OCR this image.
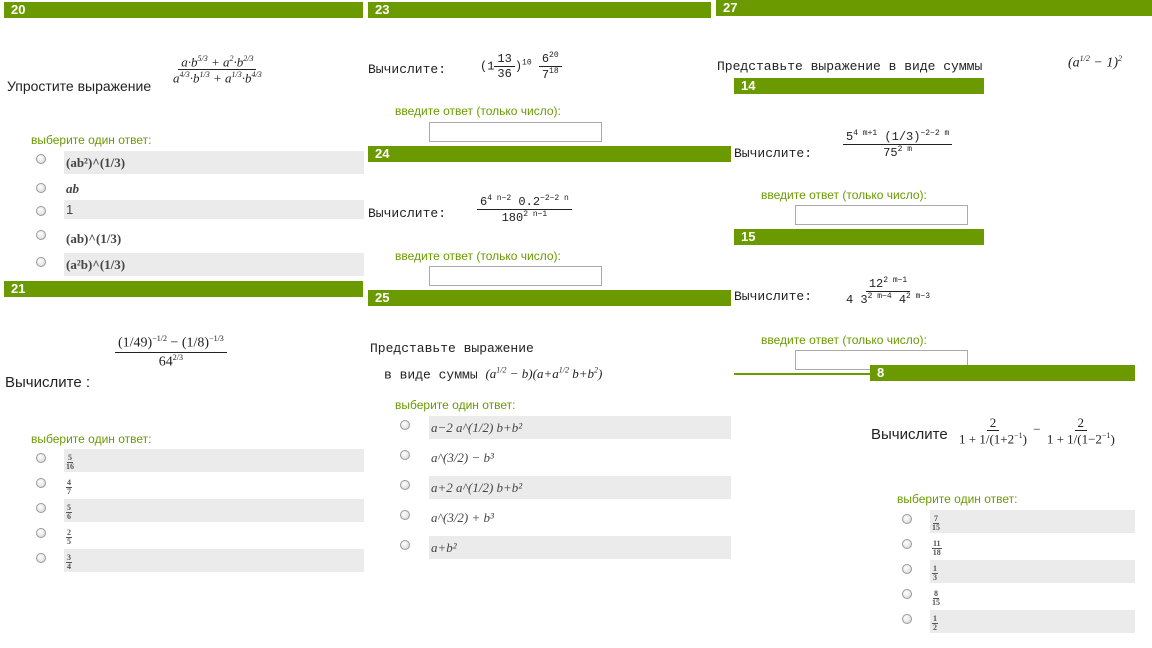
20
Упростите выражение
$\frac{a\cdot b^{5/3} + a^2\cdot b^{2/3}}{a^{4/3}\cdot b^{1/3} + a^{1/3}\cdot b^{4/3}}$
выберите один ответ:
(ab²)^(1/3)
ab
1
(ab)^(1/3)
(a²b)^(1/3)
21
Вычислите :
$\frac{(1/49)^{-1/2} - (1/8)^{-1/3}}{64^{2/3}}$
выберите один ответ:
$\frac{5}{16}$
$\frac{4}{7}$
$\frac{5}{6}$
$\frac{2}{5}$
$\frac{3}{4}$
23
Вычислите:	$(1 \frac{13}{36} )^{10} \frac{6^{20}}{7^{18}}$
введите ответ (только число):
24
Вычислите:	$\frac{6^{4 n-2} 0.2^{-2-2 n}}{180^{2 n-1}}$
введите ответ (только число):
25
Представьте выражение
в виде суммы $(a^{1/2} - b)(a+a^{1/2}$ $b+b^2$)
выберите один ответ:
a−2 a^(1/2) b+b²
a^(3/2) − b³
a+2 a^(1/2) b+b²
a^(3/2) + b³
a+b²
27
Представьте выражение в виде суммы	$(a^{1/2} - 1)^2$
14
Вычислите:	$\frac{5^{4 m+1} (1/3)^{-2-2 m}}{75^{2 m}}$
введите ответ (только число):
15
Вычислите:	$\frac{12^{2 m-1}}{4 3^{2 m-4} 4^{2 m-3}}$
введите ответ (только число):
8
Вычислите $\frac{2}{1 + 1/(1+2^{-1})} - \frac{2}{1 + 1/(1-2^{-1})}$
выберите один ответ:
$\frac{7}{15}$
$\frac{11}{18}$
$\frac{1}{3}$
$\frac{8}{15}$
$\frac{1}{2}$
